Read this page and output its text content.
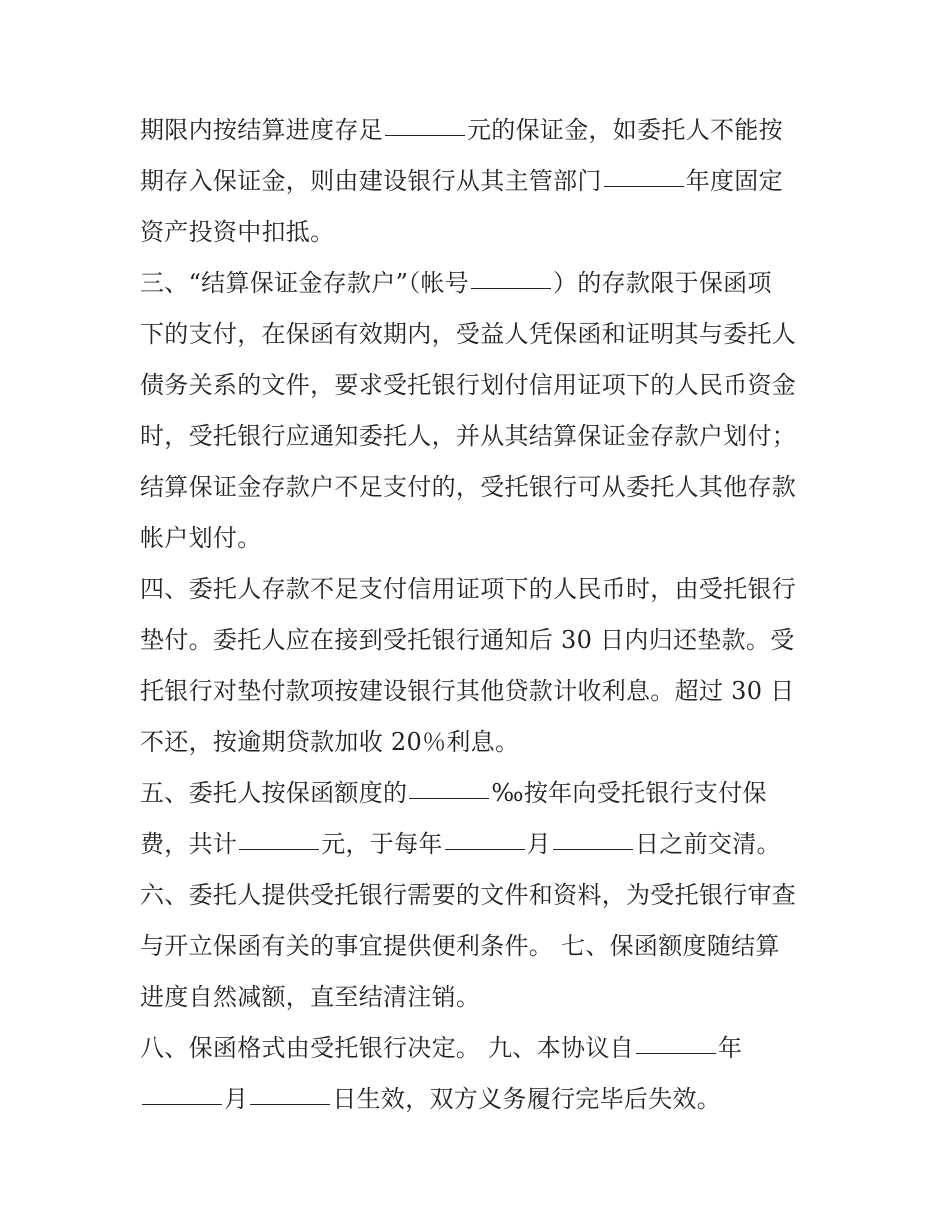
期限内按结算进度存足	元的保证金，如委托人不能按
期存入保证金，则由建设银行从其主管部门	年度固定
资产投资中扣抵。
三、“结算保证金存款户”（帐号	）的存款限于保函项
下的支付，在保函有效期内，受益人凭保函和证明其与委托人
债务关系的文件，要求受托银行划付信用证项下的人民币资金
时，受托银行应通知委托人，并从其结算保证金存款户划付；
结算保证金存款户不足支付的，受托银行可从委托人其他存款
帐户划付。
四、委托人存款不足支付信用证项下的人民币时，由受托银行
垫付。委托人应在接到受托银行通知后 30 日内归还垫款。受
托银行对垫付款项按建设银行其他贷款计收利息。超过 30 日
不还，按逾期贷款加收 20％利息。
五、委托人按保函额度的	‰按年向受托银行支付保
费，共计	元，于每年	月	日之前交清。
六、委托人提供受托银行需要的文件和资料，为受托银行审查
与开立保函有关的事宜提供便利条件。 七、保函额度随结算
进度自然减额，直至结清注销。
八、保函格式由受托银行决定。 九、本协议自	年
月	日生效，双方义务履行完毕后失效。
